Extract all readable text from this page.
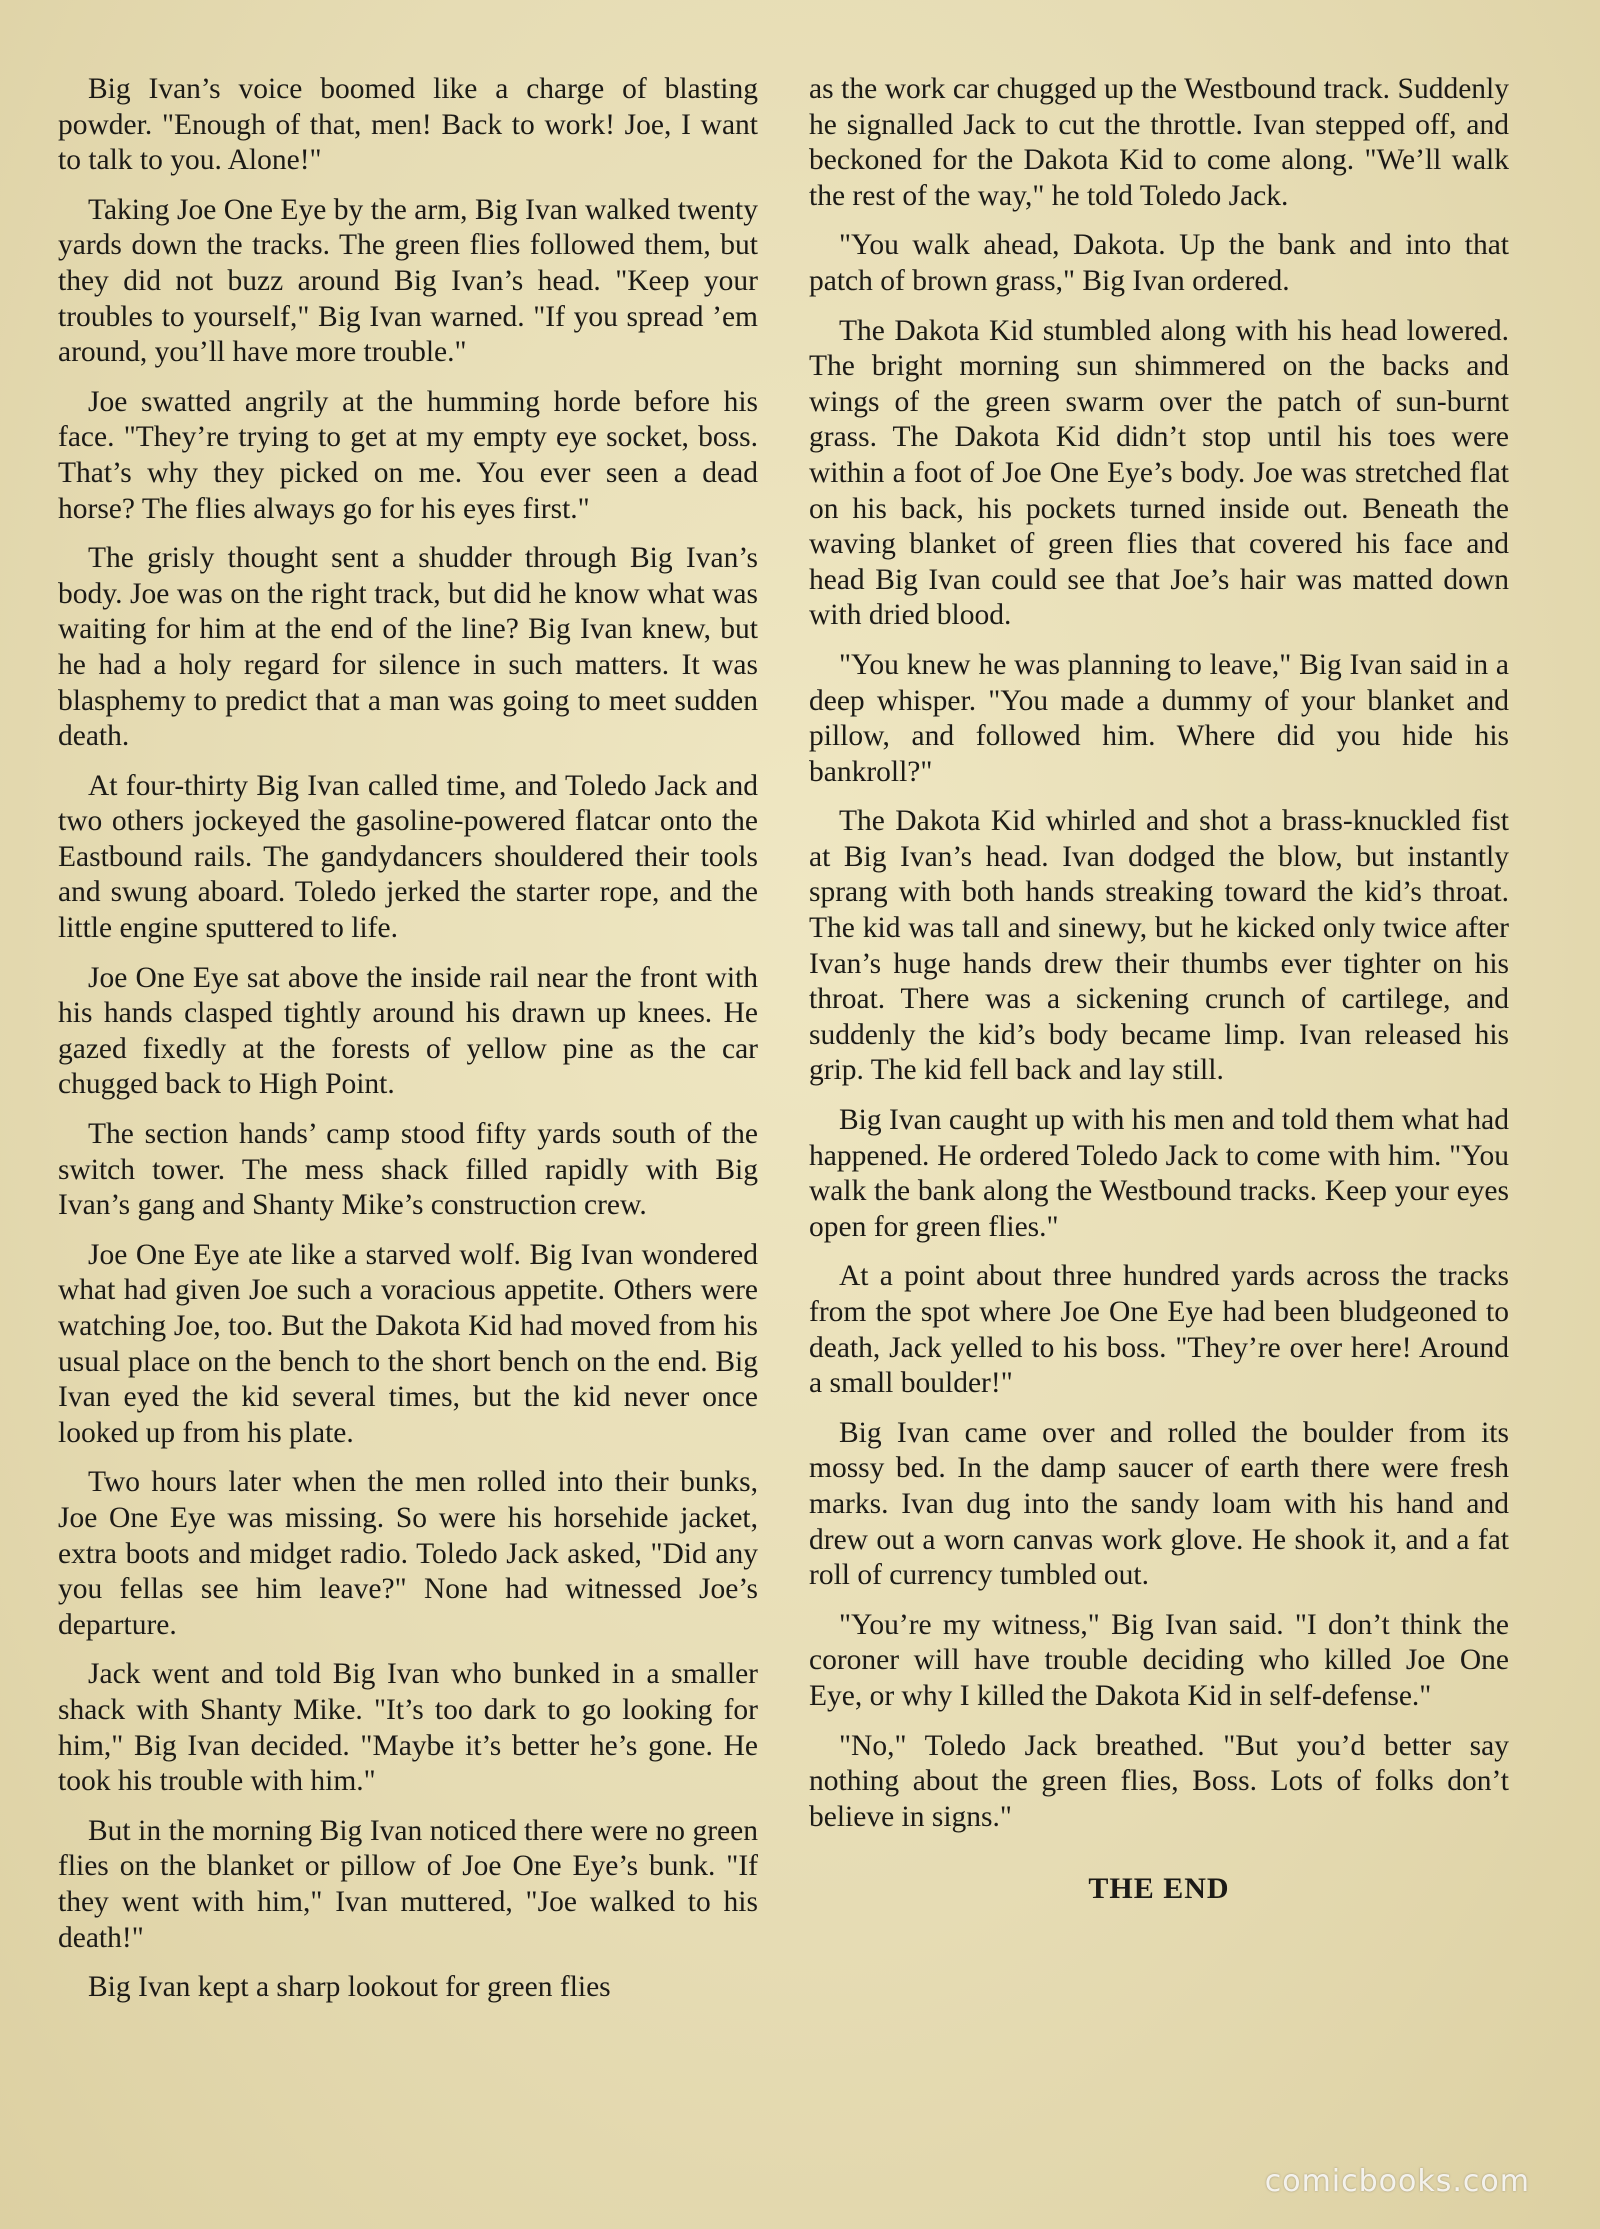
Big Ivan’s voice boomed like a charge of blasting powder. "Enough of that, men! Back to work! Joe, I want to talk to you. Alone!"

Taking Joe One Eye by the arm, Big Ivan walked twenty yards down the tracks. The green flies followed them, but they did not buzz around Big Ivan’s head. "Keep your troubles to yourself," Big Ivan warned. "If you spread ’em around, you’ll have more trouble."

Joe swatted angrily at the humming horde before his face. "They’re trying to get at my empty eye socket, boss. That’s why they picked on me. You ever seen a dead horse? The flies always go for his eyes first."

The grisly thought sent a shudder through Big Ivan’s body. Joe was on the right track, but did he know what was waiting for him at the end of the line? Big Ivan knew, but he had a holy regard for silence in such matters. It was blasphemy to predict that a man was going to meet sudden death.

At four-thirty Big Ivan called time, and Toledo Jack and two others jockeyed the gasoline-powered flatcar onto the Eastbound rails. The gandydancers shouldered their tools and swung aboard. Toledo jerked the starter rope, and the little engine sputtered to life.

Joe One Eye sat above the inside rail near the front with his hands clasped tightly around his drawn up knees. He gazed fixedly at the forests of yellow pine as the car chugged back to High Point.

The section hands’ camp stood fifty yards south of the switch tower. The mess shack filled rapidly with Big Ivan’s gang and Shanty Mike’s construction crew.

Joe One Eye ate like a starved wolf. Big Ivan wondered what had given Joe such a voracious appetite. Others were watching Joe, too. But the Dakota Kid had moved from his usual place on the bench to the short bench on the end. Big Ivan eyed the kid several times, but the kid never once looked up from his plate.

Two hours later when the men rolled into their bunks, Joe One Eye was missing. So were his horsehide jacket, extra boots and midget radio. Toledo Jack asked, "Did any you fellas see him leave?" None had witnessed Joe’s departure.

Jack went and told Big Ivan who bunked in a smaller shack with Shanty Mike. "It’s too dark to go looking for him," Big Ivan decided. "Maybe it’s better he’s gone. He took his trouble with him."

But in the morning Big Ivan noticed there were no green flies on the blanket or pillow of Joe One Eye’s bunk. "If they went with him," Ivan muttered, "Joe walked to his death!"

Big Ivan kept a sharp lookout for green flies

as the work car chugged up the Westbound track. Suddenly he signalled Jack to cut the throttle. Ivan stepped off, and beckoned for the Dakota Kid to come along. "We’ll walk the rest of the way," he told Toledo Jack.

"You walk ahead, Dakota. Up the bank and into that patch of brown grass," Big Ivan ordered.

The Dakota Kid stumbled along with his head lowered. The bright morning sun shimmered on the backs and wings of the green swarm over the patch of sun-burnt grass. The Dakota Kid didn’t stop until his toes were within a foot of Joe One Eye’s body. Joe was stretched flat on his back, his pockets turned inside out. Beneath the waving blanket of green flies that covered his face and head Big Ivan could see that Joe’s hair was matted down with dried blood.

"You knew he was planning to leave," Big Ivan said in a deep whisper. "You made a dummy of your blanket and pillow, and followed him. Where did you hide his bankroll?"

The Dakota Kid whirled and shot a brass-knuckled fist at Big Ivan’s head. Ivan dodged the blow, but instantly sprang with both hands streaking toward the kid’s throat. The kid was tall and sinewy, but he kicked only twice after Ivan’s huge hands drew their thumbs ever tighter on his throat. There was a sickening crunch of cartilege, and suddenly the kid’s body became limp. Ivan released his grip. The kid fell back and lay still.

Big Ivan caught up with his men and told them what had happened. He ordered Toledo Jack to come with him. "You walk the bank along the Westbound tracks. Keep your eyes open for green flies."

At a point about three hundred yards across the tracks from the spot where Joe One Eye had been bludgeoned to death, Jack yelled to his boss. "They’re over here! Around a small boulder!"

Big Ivan came over and rolled the boulder from its mossy bed. In the damp saucer of earth there were fresh marks. Ivan dug into the sandy loam with his hand and drew out a worn canvas work glove. He shook it, and a fat roll of currency tumbled out.

"You’re my witness," Big Ivan said. "I don’t think the coroner will have trouble deciding who killed Joe One Eye, or why I killed the Dakota Kid in self-defense."

"No," Toledo Jack breathed. "But you’d better say nothing about the green flies, Boss. Lots of folks don’t believe in signs."

THE END

comicbooks.com
